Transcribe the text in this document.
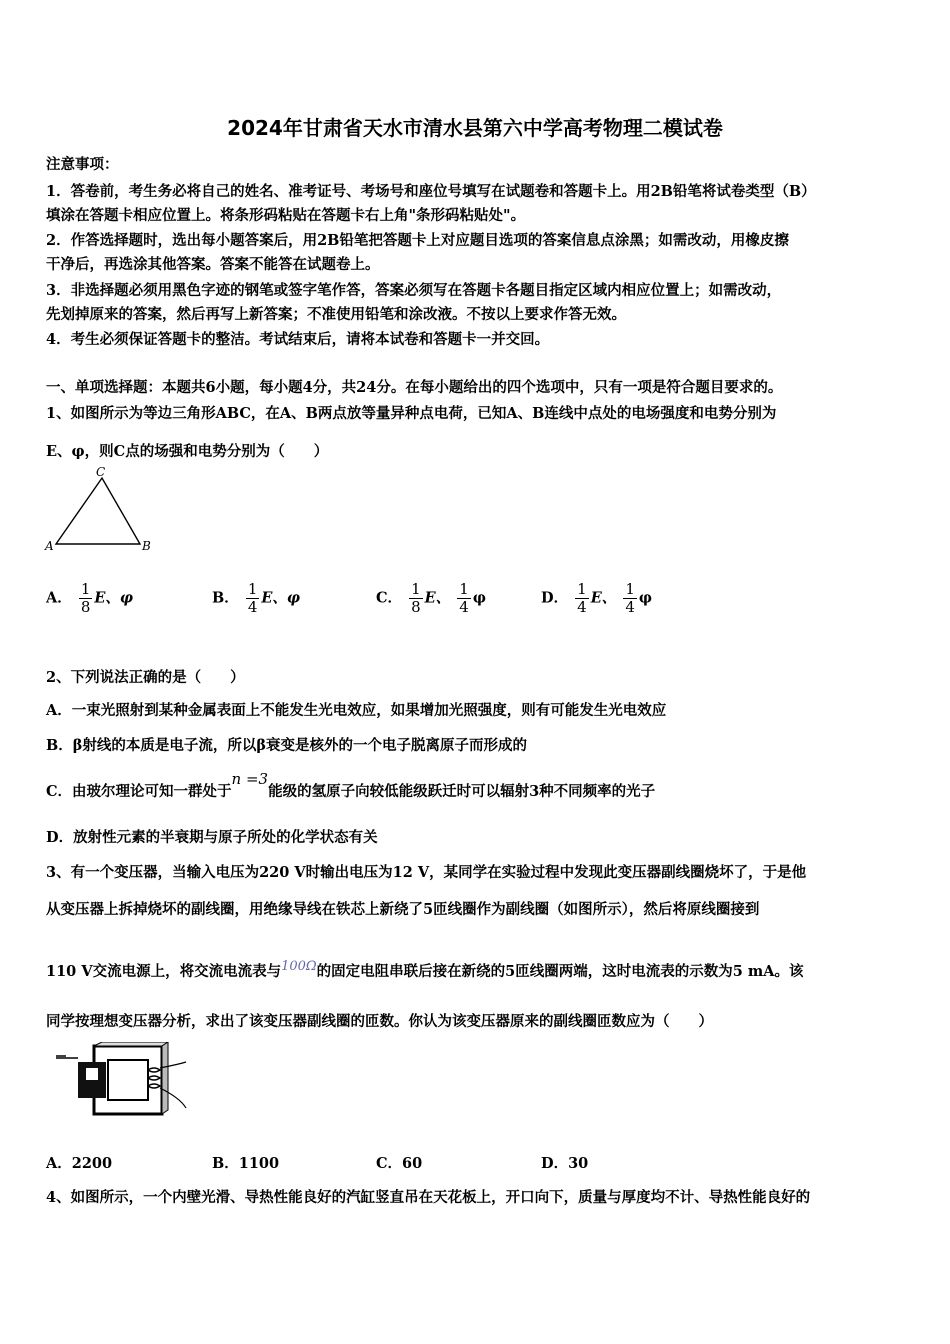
2024年甘肃省天水市清水县第六中学高考物理二模试卷
注意事项：
1．答卷前，考生务必将自己的姓名、准考证号、考场号和座位号填写在试题卷和答题卡上。用2B铅笔将试卷类型（B）
填涂在答题卡相应位置上。将条形码粘贴在答题卡右上角"条形码粘贴处"。
2．作答选择题时，选出每小题答案后，用2B铅笔把答题卡上对应题目选项的答案信息点涂黑；如需改动，用橡皮擦
干净后，再选涂其他答案。答案不能答在试题卷上。
3．非选择题必须用黑色字迹的钢笔或签字笔作答，答案必须写在答题卡各题目指定区域内相应位置上；如需改动，
先划掉原来的答案，然后再写上新答案；不准使用铅笔和涂改液。不按以上要求作答无效。
4．考生必须保证答题卡的整洁。考试结束后，请将本试卷和答题卡一并交回。
一、单项选择题：本题共6小题，每小题4分，共24分。在每小题给出的四个选项中，只有一项是符合题目要求的。
1、如图所示为等边三角形ABC，在A、B两点放等量异种点电荷，已知A、B连线中点处的电场强度和电势分别为
E、φ，则C点的场强和电势分别为（　　）
C
A	B
A． $\frac{1}{8}$ E、φ	B． $\frac{1}{4}$ E、φ	C． $\frac{1}{8}$ E、 $\frac{1}{4}$ φ	D． $\frac{1}{4}$ E、 $\frac{1}{4}$ φ
2、下列说法正确的是（　　）
A．一束光照射到某种金属表面上不能发生光电效应，如果增加光照强度，则有可能发生光电效应
B．β射线的本质是电子流，所以β衰变是核外的一个电子脱离原子而形成的
C．由玻尔理论可知一群处于n =3能级的氢原子向较低能级跃迁时可以辐射3种不同频率的光子
D．放射性元素的半衰期与原子所处的化学状态有关
3、有一个变压器，当输入电压为220 V时输出电压为12 V，某同学在实验过程中发现此变压器副线圈烧坏了，于是他
从变压器上拆掉烧坏的副线圈，用绝缘导线在铁芯上新绕了5匝线圈作为副线圈（如图所示），然后将原线圈接到
110 V交流电源上，将交流电流表与100Ω的固定电阻串联后接在新绕的5匝线圈两端，这时电流表的示数为5 mA。该
同学按理想变压器分析，求出了该变压器副线圈的匝数。你认为该变压器原来的副线圈匝数应为（　　）
A．2200	B．1100	C．60	D．30
4、如图所示，一个内壁光滑、导热性能良好的汽缸竖直吊在天花板上，开口向下，质量与厚度均不计、导热性能良好的
